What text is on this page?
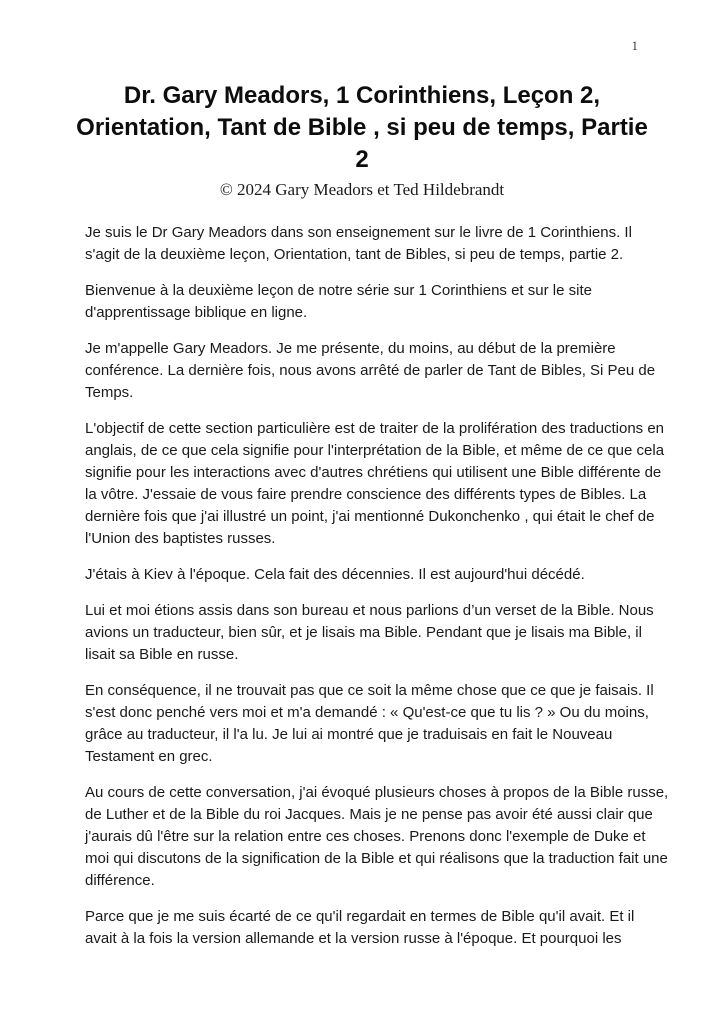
1
Dr. Gary Meadors, 1 Corinthiens, Leçon 2,
Orientation, Tant de Bible , si peu de temps, Partie
2

© 2024 Gary Meadors et Ted Hildebrandt

Je suis le Dr Gary Meadors dans son enseignement sur le livre de 1 Corinthiens. Il s'agit de la deuxième leçon, Orientation, tant de Bibles, si peu de temps, partie 2.

Bienvenue à la deuxième leçon de notre série sur 1 Corinthiens et sur le site d'apprentissage biblique en ligne.

Je m'appelle Gary Meadors. Je me présente, du moins, au début de la première conférence. La dernière fois, nous avons arrêté de parler de Tant de Bibles, Si Peu de Temps.

L'objectif de cette section particulière est de traiter de la prolifération des traductions en anglais, de ce que cela signifie pour l'interprétation de la Bible, et même de ce que cela signifie pour les interactions avec d'autres chrétiens qui utilisent une Bible différente de la vôtre. J'essaie de vous faire prendre conscience des différents types de Bibles. La dernière fois que j'ai illustré un point, j'ai mentionné Dukonchenko , qui était le chef de l'Union des baptistes russes.

J'étais à Kiev à l'époque. Cela fait des décennies. Il est aujourd'hui décédé.

Lui et moi étions assis dans son bureau et nous parlions d’un verset de la Bible. Nous avions un traducteur, bien sûr, et je lisais ma Bible. Pendant que je lisais ma Bible, il lisait sa Bible en russe.

En conséquence, il ne trouvait pas que ce soit la même chose que ce que je faisais. Il s'est donc penché vers moi et m'a demandé : « Qu'est-ce que tu lis ? » Ou du moins, grâce au traducteur, il l'a lu. Je lui ai montré que je traduisais en fait le Nouveau Testament en grec.

Au cours de cette conversation, j'ai évoqué plusieurs choses à propos de la Bible russe, de Luther et de la Bible du roi Jacques. Mais je ne pense pas avoir été aussi clair que j'aurais dû l'être sur la relation entre ces choses. Prenons donc l'exemple de Duke et moi qui discutons de la signification de la Bible et qui réalisons que la traduction fait une différence.

Parce que je me suis écarté de ce qu'il regardait en termes de Bible qu'il avait. Et il avait à la fois la version allemande et la version russe à l'époque. Et pourquoi les
